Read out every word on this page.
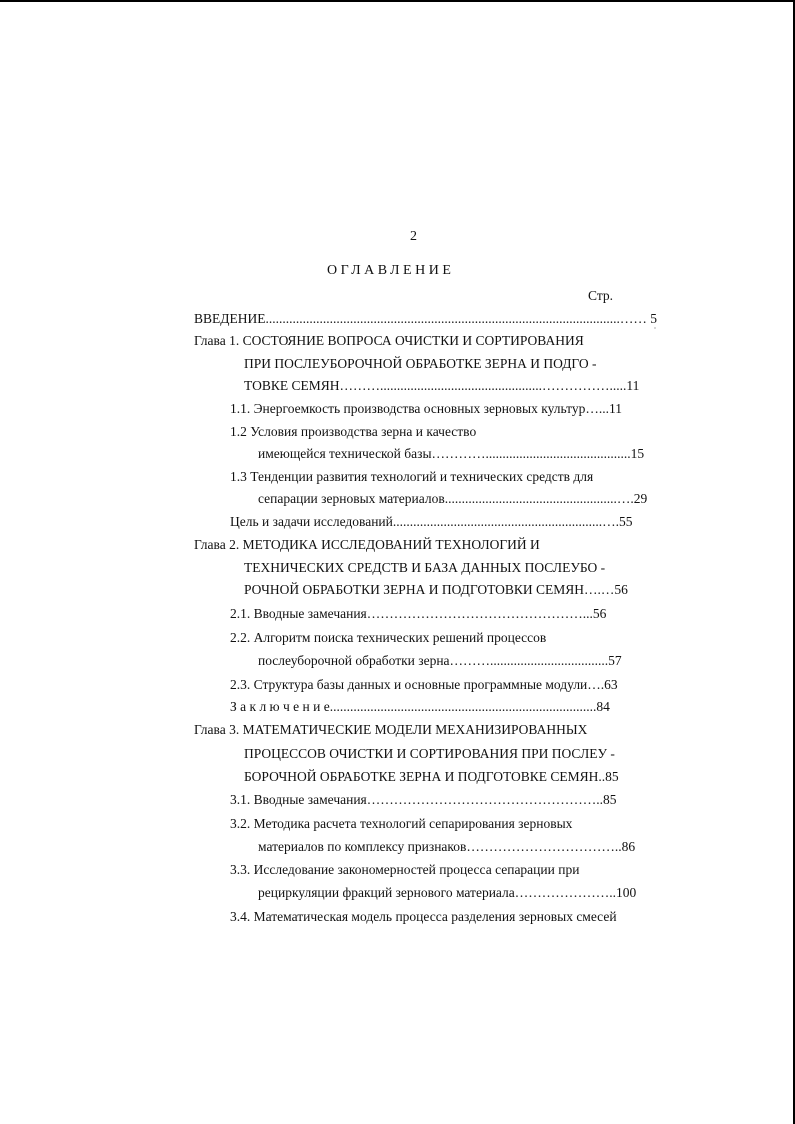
2
ОГЛАВЛЕНИЕ
Стр.
ВВЕДЕНИЕ.........................................................................................................…… 5
Глава 1. СОСТОЯНИЕ ВОПРОСА ОЧИСТКИ И СОРТИРОВАНИЯ
ПРИ ПОСЛЕУБОРОЧНОЙ ОБРАБОТКЕ ЗЕРНА И ПОДГО -
ТОВКЕ СЕМЯН………................................................…………….....11
1.1. Энергоемкость производства основных зерновых культур…...11
1.2 Условия производства зерна и качество
имеющейся технической базы…………...........................................15
1.3 Тенденции развития технологий и технических средств для
сепарации зерновых материалов...................................................….29
Цель и задачи исследований..............................................................….55
Глава 2. МЕТОДИКА ИССЛЕДОВАНИЙ ТЕХНОЛОГИЙ И
ТЕХНИЧЕСКИХ СРЕДСТВ И БАЗА ДАННЫХ ПОСЛЕУБО -
РОЧНОЙ ОБРАБОТКИ ЗЕРНА И ПОДГОТОВКИ СЕМЯН….…56
2.1. Вводные замечания…………………………………………...56
2.2. Алгоритм поиска технических решений процессов
послеуборочной обработки зерна………...................................57
2.3. Структура базы данных и основные программные модули….63
З а к л ю ч е н и е...............................................................................84
Глава 3. МАТЕМАТИЧЕСКИЕ МОДЕЛИ МЕХАНИЗИРОВАННЫХ
ПРОЦЕССОВ ОЧИСТКИ И СОРТИРОВАНИЯ ПРИ ПОСЛЕУ -
БОРОЧНОЙ ОБРАБОТКЕ ЗЕРНА И ПОДГОТОВКЕ СЕМЯН..85
3.1. Вводные замечания……………………………………………..85
3.2. Методика расчета технологий сепарирования зерновых
материалов по комплексу признаков……………………………..86
3.3. Исследование закономерностей процесса сепарации при
рециркуляции фракций зернового материала…………………..100
3.4. Математическая модель процесса разделения зерновых смесей
